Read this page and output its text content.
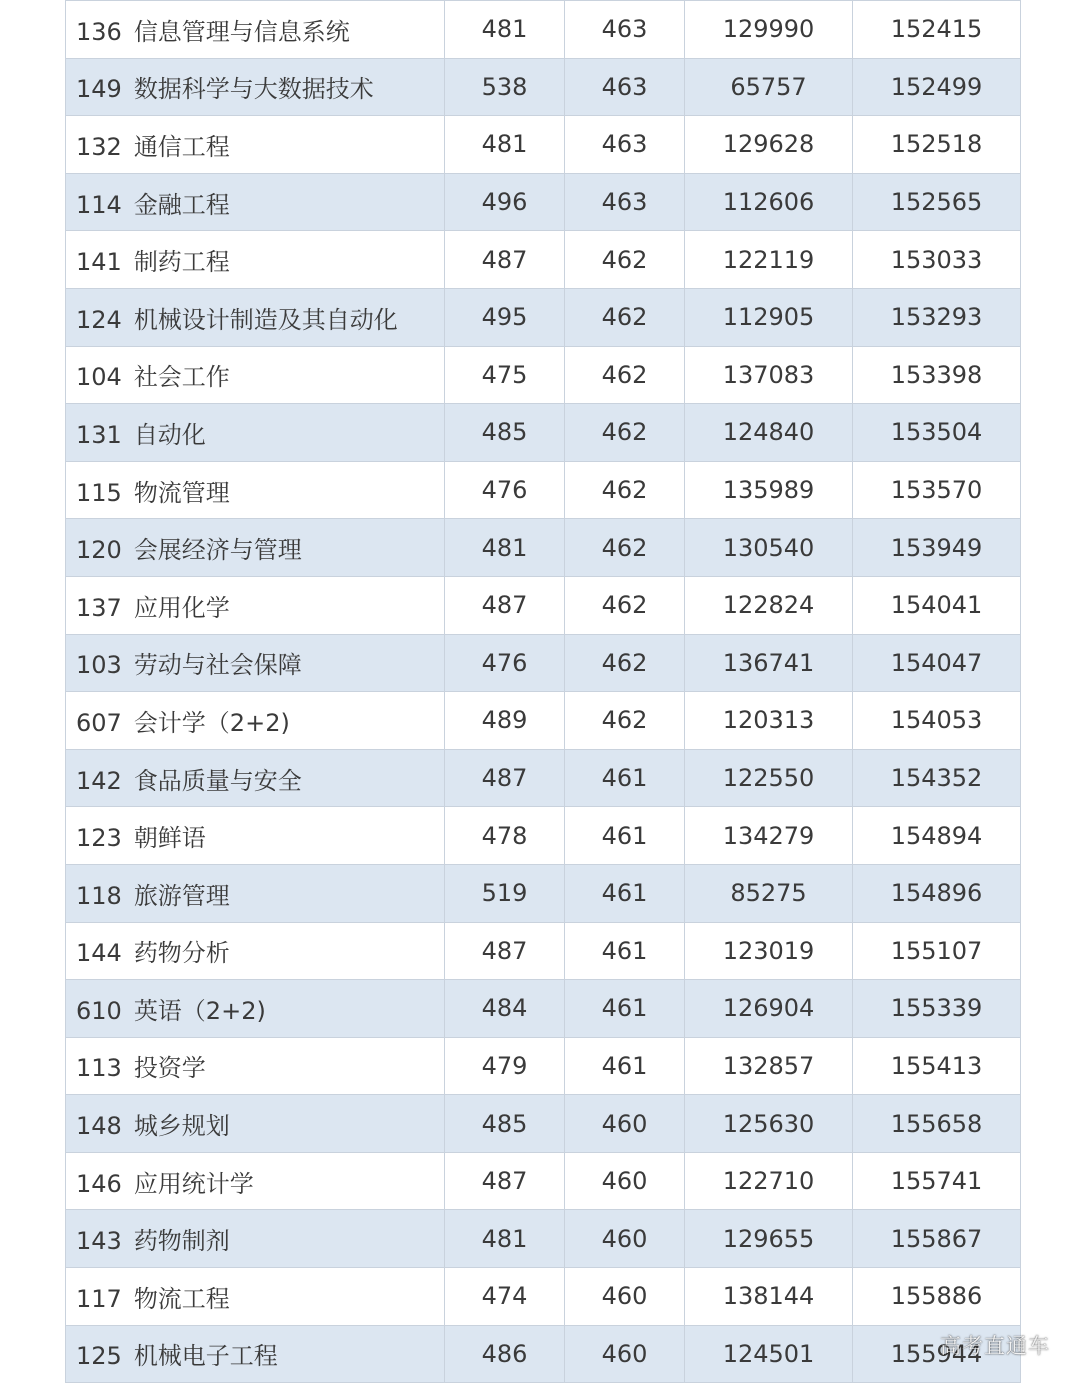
136 信息管理与信息系统	481	463	129990	152415
149 数据科学与大数据技术	538	463	65757	152499
132 通信工程	481	463	129628	152518
114 金融工程	496	463	112606	152565
141 制药工程	487	462	122119	153033
124 机械设计制造及其自动化	495	462	112905	153293
104 社会工作	475	462	137083	153398
131 自动化	485	462	124840	153504
115 物流管理	476	462	135989	153570
120 会展经济与管理	481	462	130540	153949
137 应用化学	487	462	122824	154041
103 劳动与社会保障	476	462	136741	154047
607 会计学（2+2)	489	462	120313	154053
142 食品质量与安全	487	461	122550	154352
123 朝鲜语	478	461	134279	154894
118 旅游管理	519	461	85275	154896
144 药物分析	487	461	123019	155107
610 英语（2+2)	484	461	126904	155339
113 投资学	479	461	132857	155413
148 城乡规划	485	460	125630	155658
146 应用统计学	487	460	122710	155741
143 药物制剂	481	460	129655	155867
117 物流工程	474	460	138144	155886
125 机械电子工程	486	460	124501	155944
高考直通车
